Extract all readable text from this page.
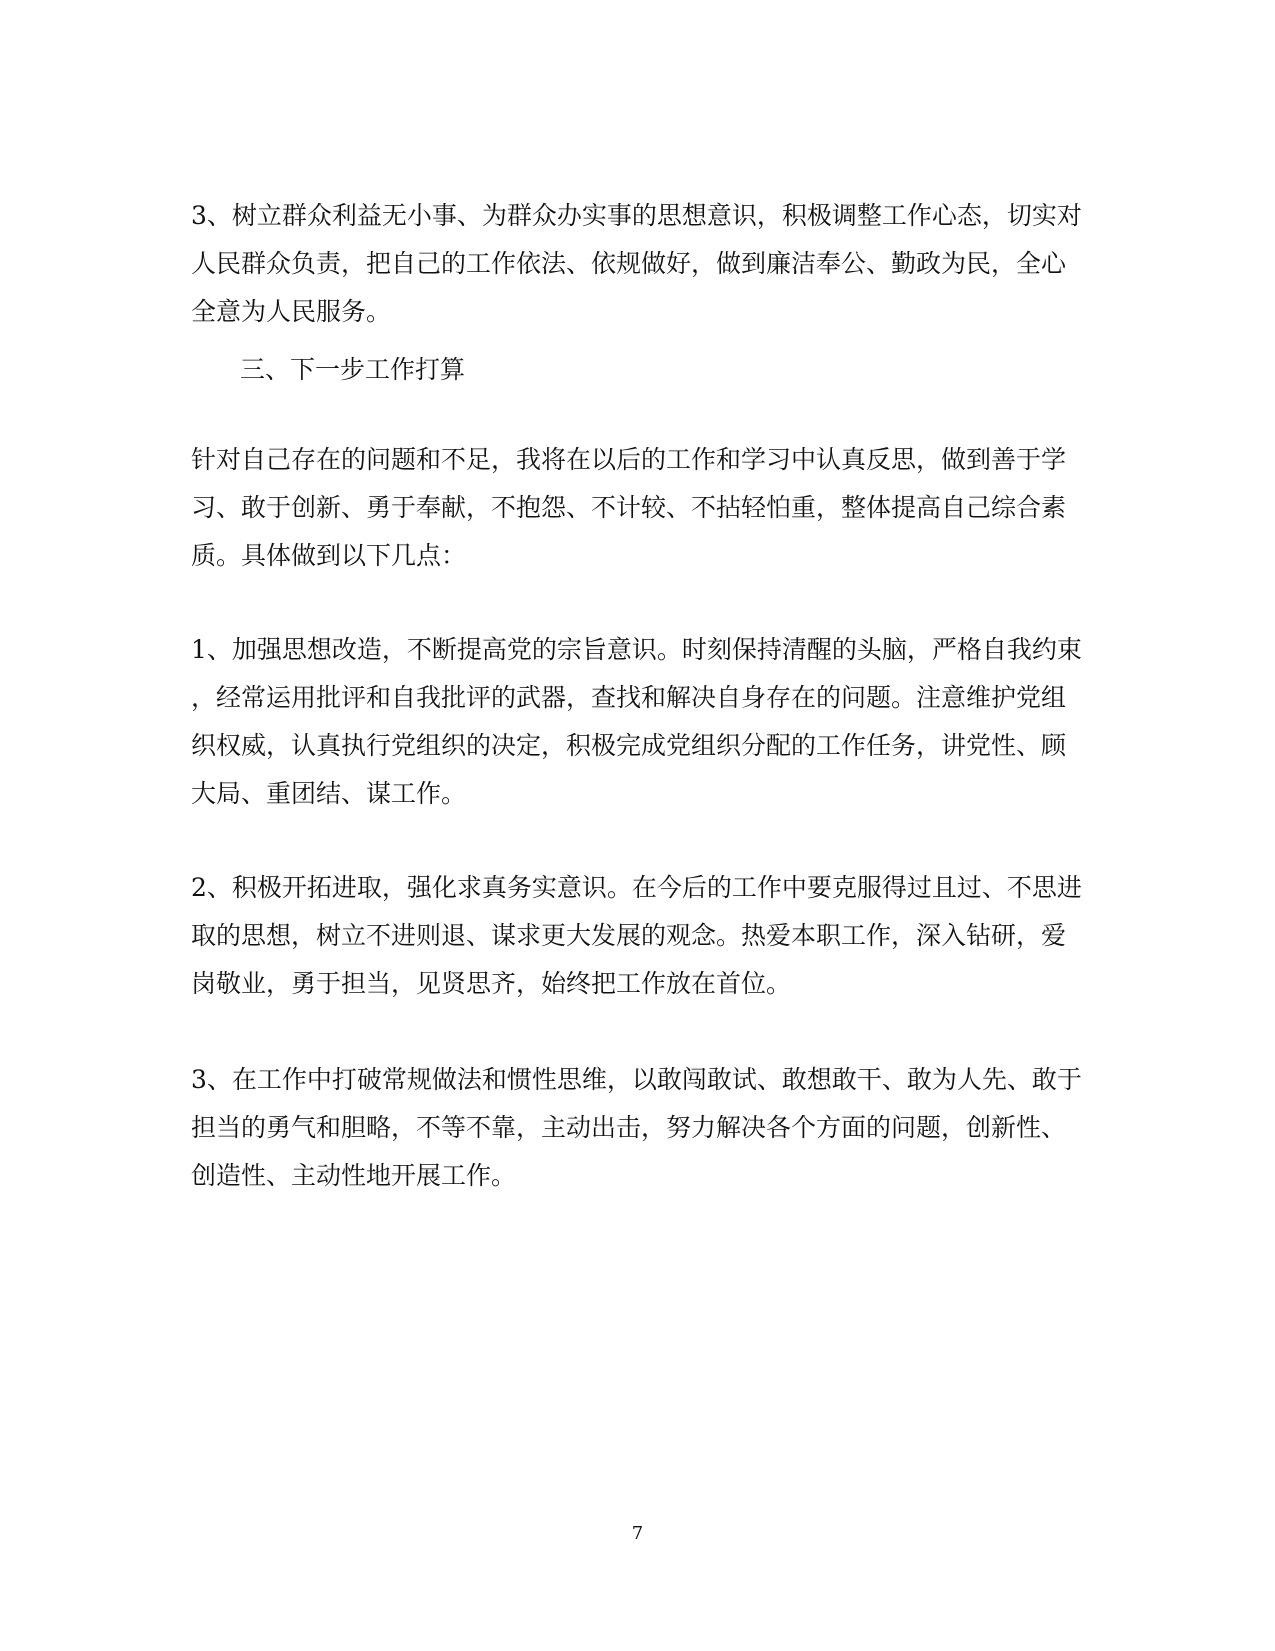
3、树立群众利益无小事、为群众办实事的思想意识，积极调整工作心态，切实对
人民群众负责，把自己的工作依法、依规做好，做到廉洁奉公、勤政为民，全心
全意为人民服务。
三、下一步工作打算
针对自己存在的问题和不足，我将在以后的工作和学习中认真反思，做到善于学
习、敢于创新、勇于奉献，不抱怨、不计较、不拈轻怕重，整体提高自己综合素
质。具体做到以下几点：
1、加强思想改造，不断提高党的宗旨意识。时刻保持清醒的头脑，严格自我约束
，经常运用批评和自我批评的武器，查找和解决自身存在的问题。注意维护党组
织权威，认真执行党组织的决定，积极完成党组织分配的工作任务，讲党性、顾
大局、重团结、谋工作。
2、积极开拓进取，强化求真务实意识。在今后的工作中要克服得过且过、不思进
取的思想，树立不进则退、谋求更大发展的观念。热爱本职工作，深入钻研，爱
岗敬业，勇于担当，见贤思齐，始终把工作放在首位。
3、在工作中打破常规做法和惯性思维，以敢闯敢试、敢想敢干、敢为人先、敢于
担当的勇气和胆略，不等不靠，主动出击，努力解决各个方面的问题，创新性、
创造性、主动性地开展工作。
7
